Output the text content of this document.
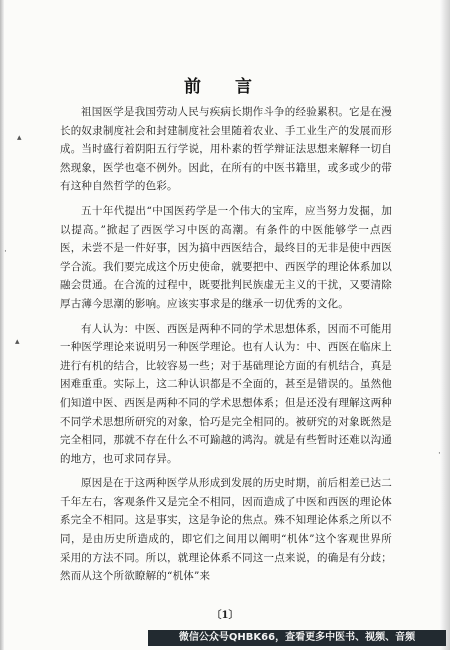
▴
·
▴
·
前 言

祖国医学是我国劳动人民与疾病长期作斗争的经验累积。它是在漫长的奴隶制度社会和封建制度社会里随着农业、手工业生产的发展而形成。当时盛行着阴阳五行学说，用朴素的哲学辩证法思想来解释一切自然现象，医学也毫不例外。因此，在所有的中医书籍里，或多或少的带有这种自然哲学的色彩。

五十年代提出“中国医药学是一个伟大的宝库，应当努力发掘，加以提高。”掀起了西医学习中医的高潮。有条件的中医能够学一点西医，未尝不是一件好事，因为搞中西医结合，最终目的无非是使中西医学合流。我们要完成这个历史使命，就要把中、西医学的理论体系加以融会贯通。在合流的过程中，既要批判民族虚无主义的干扰，又要清除厚古薄今思潮的影响。应该实事求是的继承一切优秀的文化。

有人认为：中医、西医是两种不同的学术思想体系，因而不可能用一种医学理论来说明另一种医学理论。也有人认为：中、西医在临床上进行有机的结合，比较容易一些；对于基础理论方面的有机结合，真是困难重重。实际上，这二种认识都是不全面的，甚至是错误的。虽然他们知道中医、西医是两种不同的学术思想体系；但是还没有理解这两种不同学术思想所研究的对象，恰巧是完全相同的。被研究的对象既然是完全相同，那就不存在什么不可踰越的鸿沟。就是有些暂时还难以沟通的地方，也可求同存异。

原因是在于这两种医学从形成到发展的历史时期，前后相差已达二千年左右，客观条件又是完全不相同，因而造成了中医和西医的理论体系完全不相同。这是事实，这是争论的焦点。殊不知理论体系之所以不同，是由历史所造成的，即它们之间用以阐明“机体”这个客观世界所采用的方法不同。所以，就理论体系不同这一点来说，的确是有分歧；然而从这个所欲瞭解的“机体”来

〔1〕
微信公众号QHBK66，查看更多中医书、视频、音频
